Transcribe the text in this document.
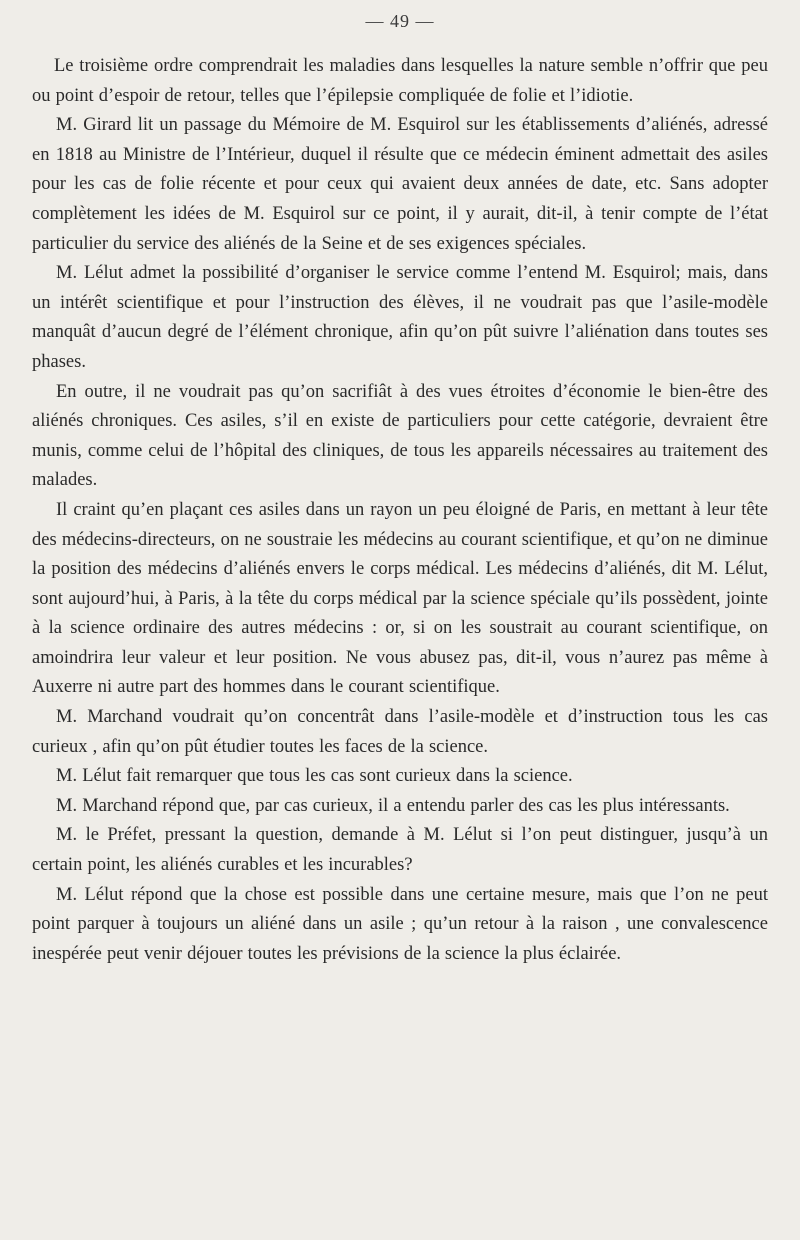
— 49 —

Le troisième ordre comprendrait les maladies dans lesquelles la nature semble n’offrir que peu ou point d’espoir de retour, telles que l’épilepsie compliquée de folie et l’idiotie.

M. Girard lit un passage du Mémoire de M. Esquirol sur les établissements d’aliénés, adressé en 1818 au Ministre de l’Intérieur, duquel il résulte que ce médecin éminent admettait des asiles pour les cas de folie récente et pour ceux qui avaient deux années de date, etc. Sans adopter complètement les idées de M. Esquirol sur ce point, il y aurait, dit-il, à tenir compte de l’état particulier du service des aliénés de la Seine et de ses exigences spéciales.

M. Lélut admet la possibilité d’organiser le service comme l’entend M. Esquirol; mais, dans un intérêt scientifique et pour l’instruction des élèves, il ne voudrait pas que l’asile-modèle manquât d’aucun degré de l’élément chronique, afin qu’on pût suivre l’aliénation dans toutes ses phases.

En outre, il ne voudrait pas qu’on sacrifiât à des vues étroites d’économie le bien-être des aliénés chroniques. Ces asiles, s’il en existe de particuliers pour cette catégorie, devraient être munis, comme celui de l’hôpital des cliniques, de tous les appareils nécessaires au traitement des malades.

Il craint qu’en plaçant ces asiles dans un rayon un peu éloigné de Paris, en mettant à leur tête des médecins-directeurs, on ne soustraie les médecins au courant scientifique, et qu’on ne diminue la position des médecins d’aliénés envers le corps médical. Les médecins d’aliénés, dit M. Lélut, sont aujourd’hui, à Paris, à la tête du corps médical par la science spéciale qu’ils possèdent, jointe à la science ordinaire des autres médecins : or, si on les soustrait au courant scientifique, on amoindrira leur valeur et leur position. Ne vous abusez pas, dit-il, vous n’aurez pas même à Auxerre ni autre part des hommes dans le courant scientifique.

M. Marchand voudrait qu’on concentrât dans l’asile-modèle et d’instruction tous les cas curieux , afin qu’on pût étudier toutes les faces de la science.

M. Lélut fait remarquer que tous les cas sont curieux dans la science.

M. Marchand répond que, par cas curieux, il a entendu parler des cas les plus intéressants.

M. le Préfet, pressant la question, demande à M. Lélut si l’on peut distinguer, jusqu’à un certain point, les aliénés curables et les incurables?

M. Lélut répond que la chose est possible dans une certaine mesure, mais que l’on ne peut point parquer à toujours un aliéné dans un asile ; qu’un retour à la raison , une convalescence inespérée peut venir déjouer toutes les prévisions de la science la plus éclairée.
